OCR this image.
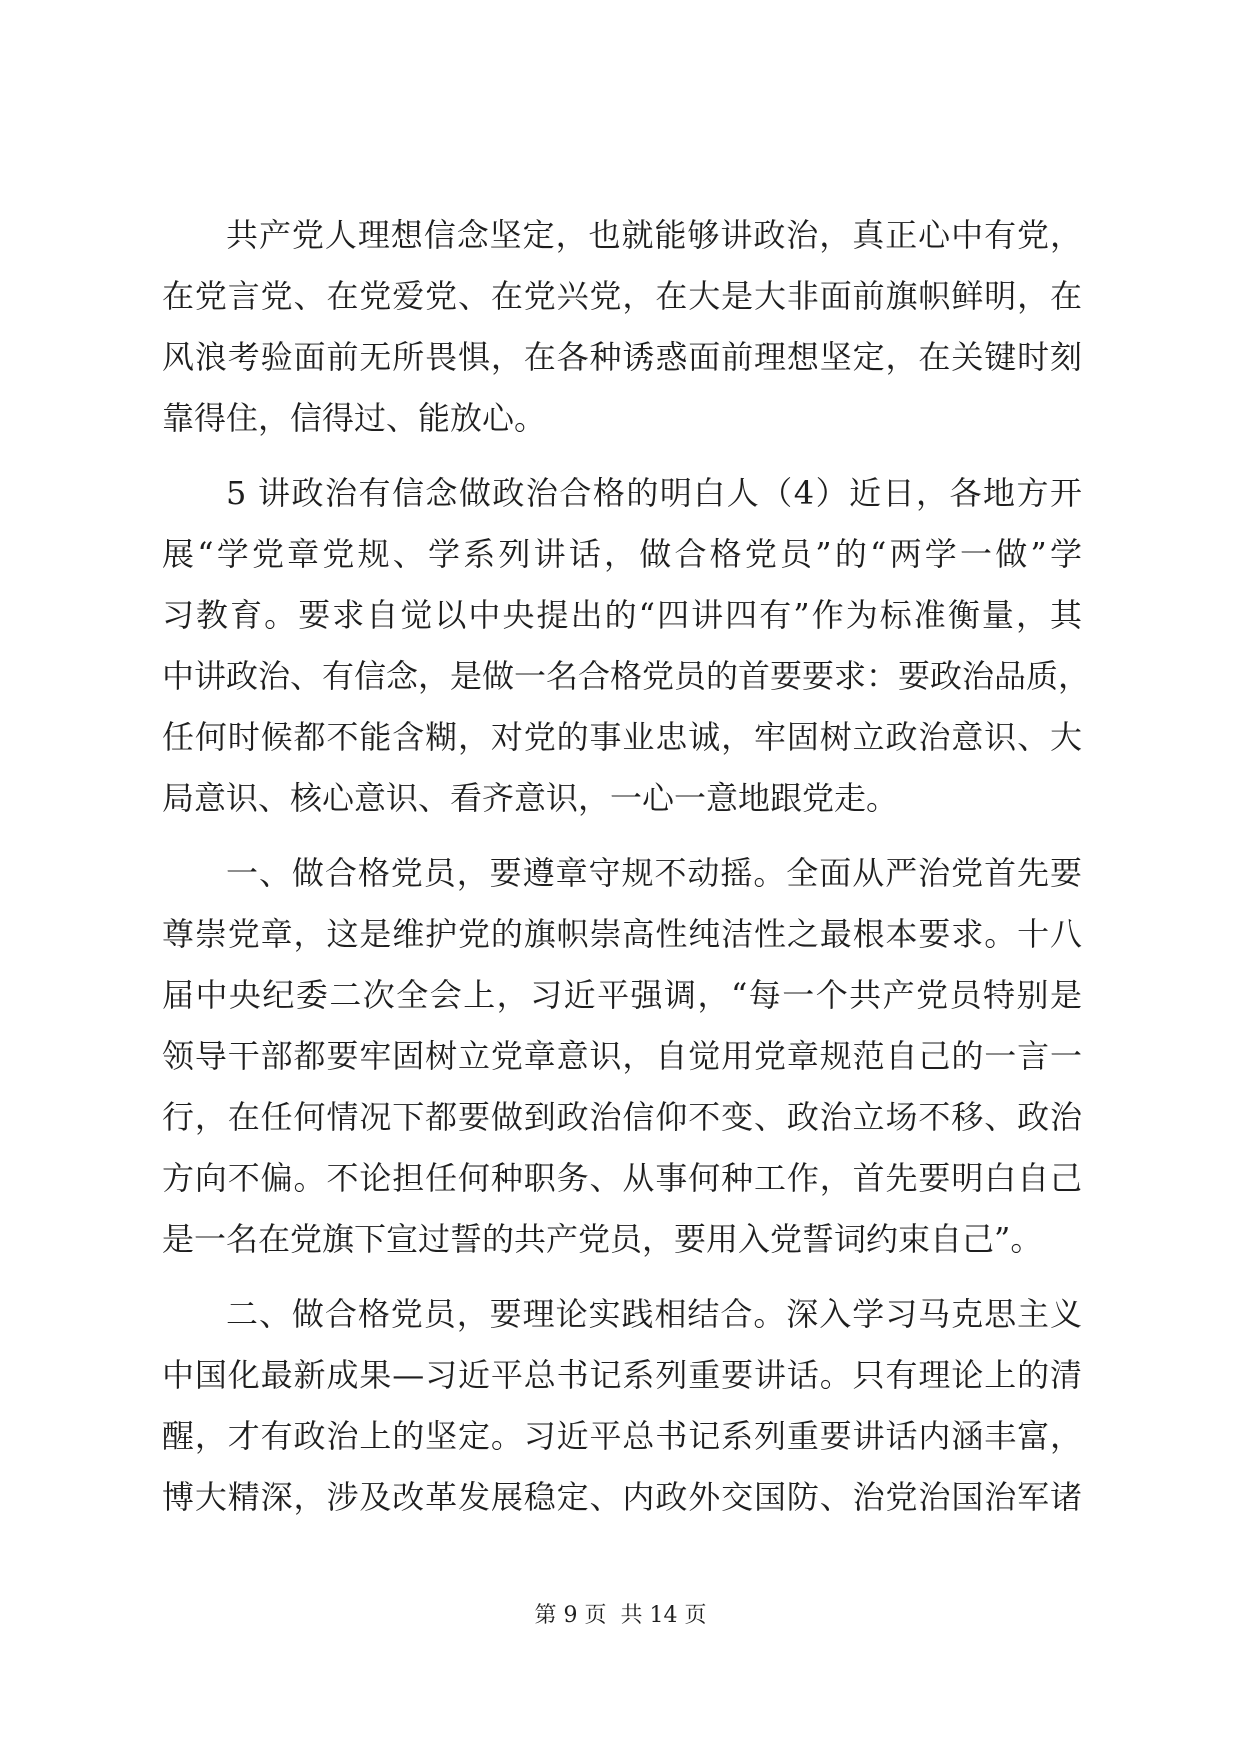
共产党人理想信念坚定，也就能够讲政治，真正心中有党，
在党言党、在党爱党、在党兴党，在大是大非面前旗帜鲜明，在
风浪考验面前无所畏惧，在各种诱惑面前理想坚定，在关键时刻
靠得住，信得过、能放心。

5 讲政治有信念做政治合格的明白人（4）近日，各地方开
展“学党章党规、学系列讲话，做合格党员”的“两学一做”学
习教育。要求自觉以中央提出的“四讲四有”作为标准衡量，其
中讲政治、有信念，是做一名合格党员的首要要求：要政治品质，
任何时候都不能含糊，对党的事业忠诚，牢固树立政治意识、大
局意识、核心意识、看齐意识，一心一意地跟党走。

一、做合格党员，要遵章守规不动摇。全面从严治党首先要
尊崇党章，这是维护党的旗帜崇高性纯洁性之最根本要求。十八
届中央纪委二次全会上，习近平强调，“每一个共产党员特别是
领导干部都要牢固树立党章意识，自觉用党章规范自己的一言一
行，在任何情况下都要做到政治信仰不变、政治立场不移、政治
方向不偏。不论担任何种职务、从事何种工作，首先要明白自己
是一名在党旗下宣过誓的共产党员，要用入党誓词约束自己”。

二、做合格党员，要理论实践相结合。深入学习马克思主义
中国化最新成果—习近平总书记系列重要讲话。只有理论上的清
醒，才有政治上的坚定。习近平总书记系列重要讲话内涵丰富，
博大精深，涉及改革发展稳定、内政外交国防、治党治国治军诸

第 9 页  共 14 页
